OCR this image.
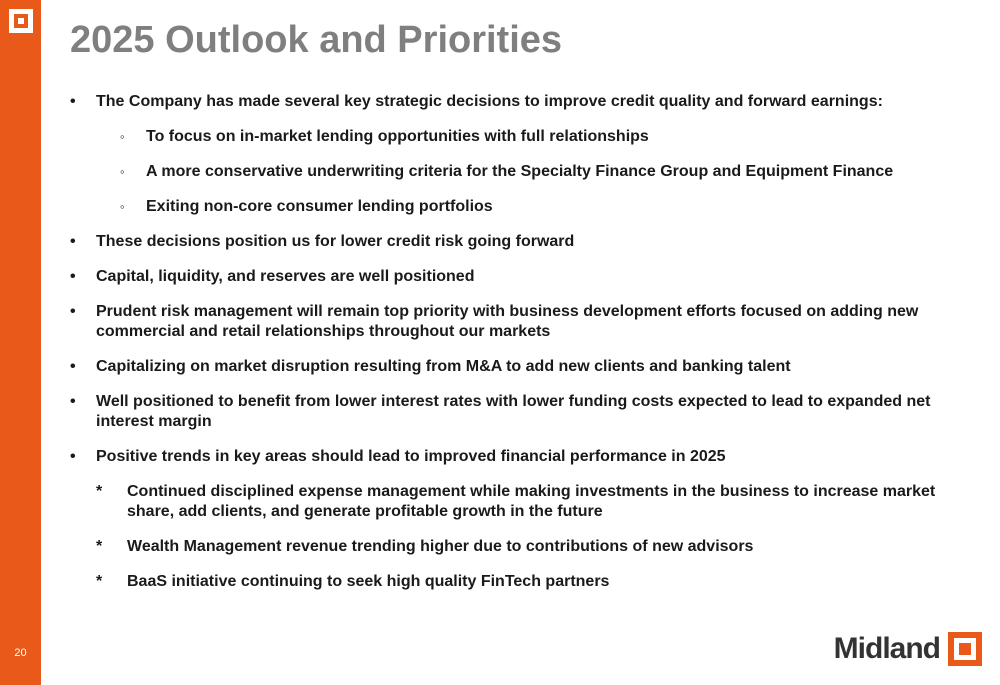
20
2025 Outlook and Priorities
• The Company has made several key strategic decisions to improve credit quality and forward earnings:
◦ To focus on in-market lending opportunities with full relationships
◦ A more conservative underwriting criteria for the Specialty Finance Group and Equipment Finance
◦ Exiting non-core consumer lending portfolios
• These decisions position us for lower credit risk going forward
• Capital, liquidity, and reserves are well positioned
• Prudent risk management will remain top priority with business development efforts focused on adding new commercial and retail relationships throughout our markets
• Capitalizing on market disruption resulting from M&A to add new clients and banking talent
• Well positioned to benefit from lower interest rates with lower funding costs expected to lead to expanded net interest margin
• Positive trends in key areas should lead to improved financial performance in 2025
* Continued disciplined expense management while making investments in the business to increase market share, add clients, and generate profitable growth in the future
* Wealth Management revenue trending higher due to contributions of new advisors
* BaaS initiative continuing to seek high quality FinTech partners
Midland
